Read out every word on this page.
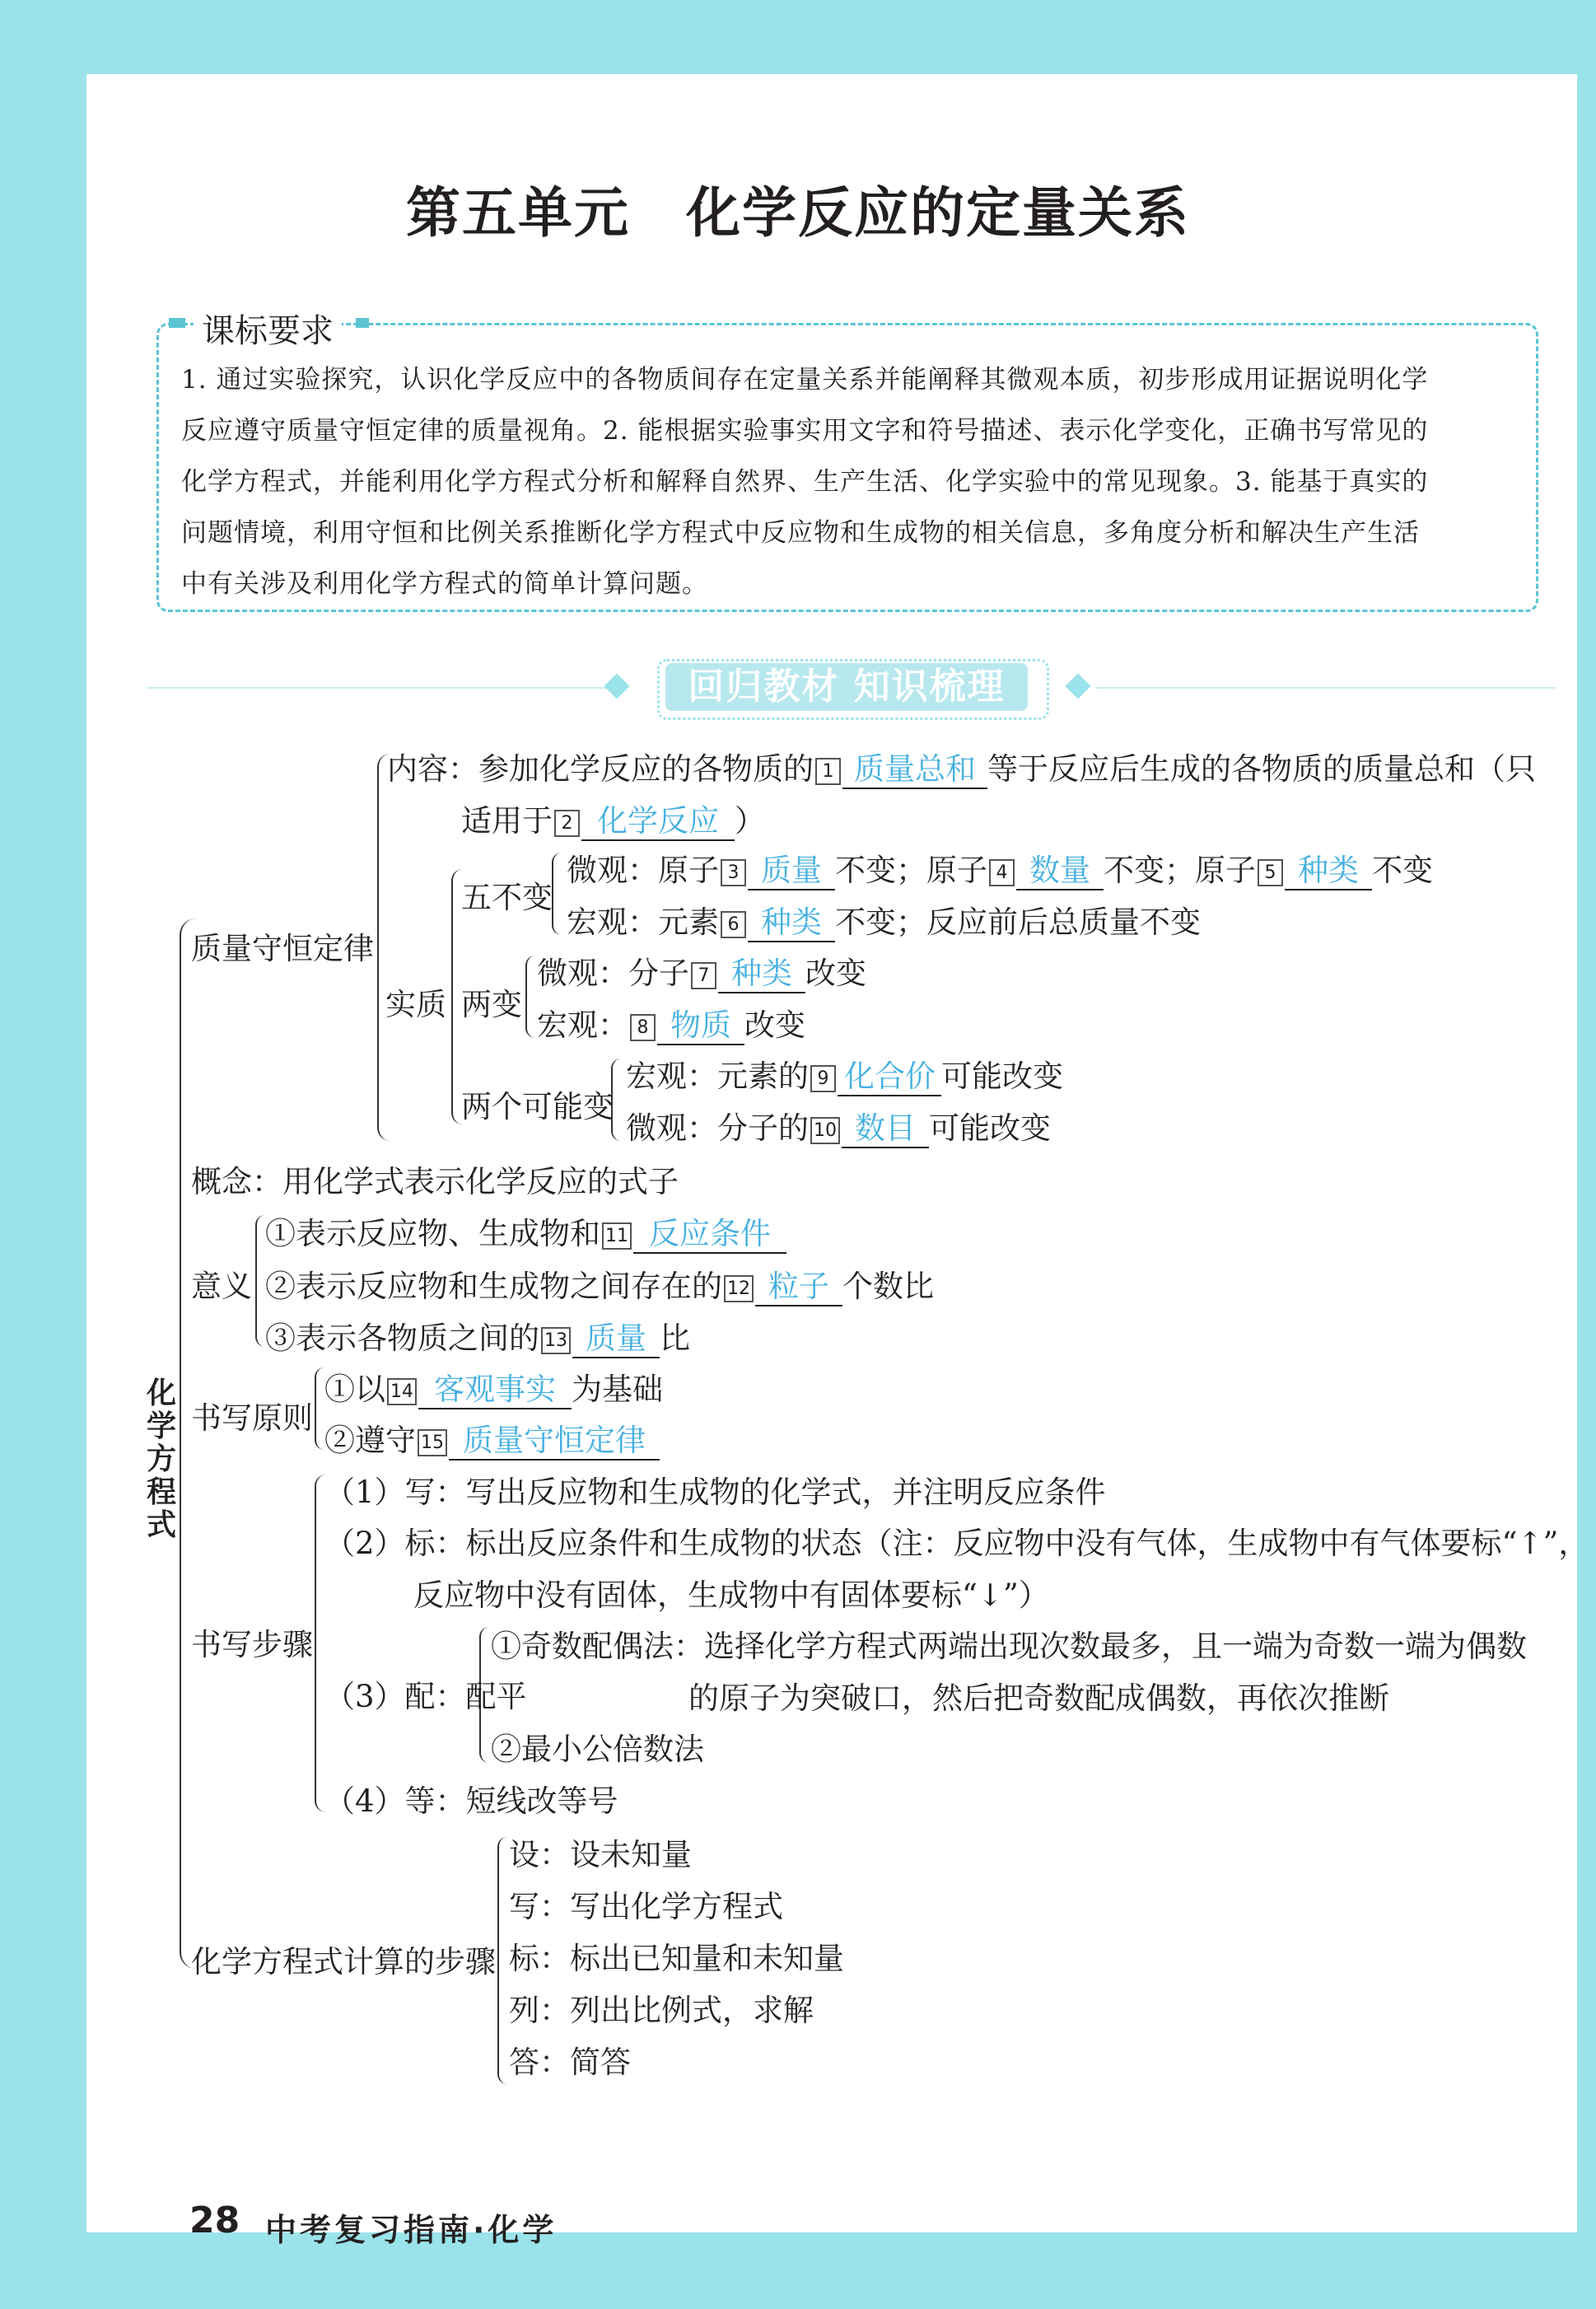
第五单元　化学反应的定量关系
课标要求
1. 通过实验探究，认识化学反应中的各物质间存在定量关系并能阐释其微观本质，初步形成用证据说明化学
反应遵守质量守恒定律的质量视角。2. 能根据实验事实用文字和符号描述、表示化学变化，正确书写常见的
化学方程式，并能利用化学方程式分析和解释自然界、生产生活、化学实验中的常见现象。3. 能基于真实的
问题情境，利用守恒和比例关系推断化学方程式中反应物和生成物的相关信息，多角度分析和解决生产生活
中有关涉及利用化学方程式的简单计算问题。
回归教材 知识梳理
化学方程式
质量守恒定律
内容：参加化学反应的各物质的 1 质量总和 等于反应后生成的各物质的质量总和（只
适用于 2 化学反应 ）
实质
五不变
微观：原子 3 质量 不变；原子 4 数量 不变；原子 5 种类 不变
宏观：元素 6 种类 不变；反应前后总质量不变
两变
微观：分子 7 种类 改变
宏观： 8 物质 改变
两个可能变
宏观：元素的 9 化合价 可能改变
微观：分子的 10 数目 可能改变
概念：用化学式表示化学反应的式子
意义
①表示反应物、生成物和 11 反应条件
②表示反应物和生成物之间存在的 12 粒子 个数比
③表示各物质之间的 13 质量 比
书写原则
①以 14 客观事实 为基础
②遵守 15 质量守恒定律
书写步骤
（1）写：写出反应物和生成物的化学式，并注明反应条件
（2）标：标出反应条件和生成物的状态（注：反应物中没有气体，生成物中有气体要标“↑”，
反应物中没有固体，生成物中有固体要标“↓”）
（3）配：配平
①奇数配偶法：选择化学方程式两端出现次数最多，且一端为奇数一端为偶数
的原子为突破口，然后把奇数配成偶数，再依次推断
②最小公倍数法
（4）等：短线改等号
化学方程式计算的步骤
设：设未知量
写：写出化学方程式
标：标出已知量和未知量
列：列出比例式，求解
答：简答
28 中考复习指南·化学
